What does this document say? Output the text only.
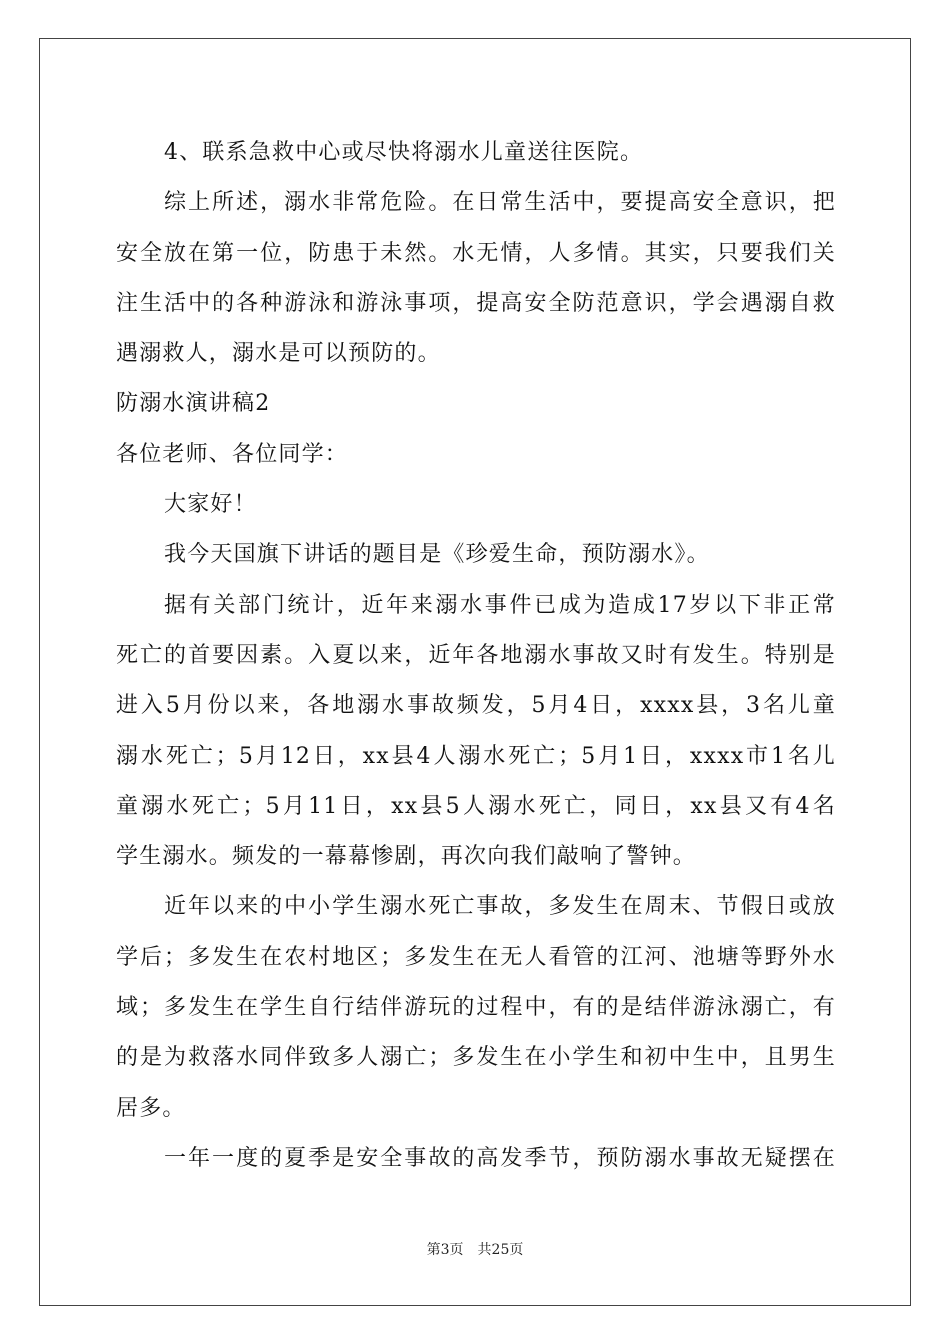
4、联系急救中心或尽快将溺水儿童送往医院。
综上所述，溺水非常危险。在日常生活中，要提高安全意识，把
安全放在第一位，防患于未然。水无情，人多情。其实，只要我们关
注生活中的各种游泳和游泳事项，提高安全防范意识，学会遇溺自救
遇溺救人，溺水是可以预防的。
防溺水演讲稿2
各位老师、各位同学：
大家好！
我今天国旗下讲话的题目是《珍爱生命，预防溺水》。
据有关部门统计，近年来溺水事件已成为造成17岁以下非正常
死亡的首要因素。入夏以来，近年各地溺水事故又时有发生。特别是
进入5月份以来，各地溺水事故频发，5月4日，xxxx县，3名儿童
溺水死亡；5月12日，xx县4人溺水死亡；5月1日，xxxx市1名儿
童溺水死亡；5月11日，xx县5人溺水死亡，同日，xx县又有4名
学生溺水。频发的一幕幕惨剧，再次向我们敲响了警钟。
近年以来的中小学生溺水死亡事故，多发生在周末、节假日或放
学后；多发生在农村地区；多发生在无人看管的江河、池塘等野外水
域；多发生在学生自行结伴游玩的过程中，有的是结伴游泳溺亡，有
的是为救落水同伴致多人溺亡；多发生在小学生和初中生中，且男生
居多。
一年一度的夏季是安全事故的高发季节，预防溺水事故无疑摆在
第3页 共25页
